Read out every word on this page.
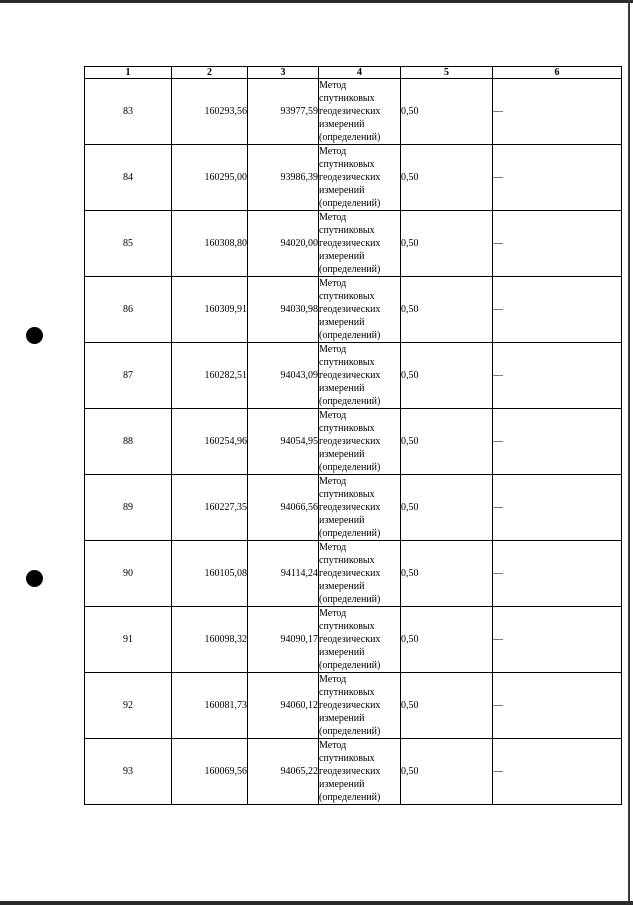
1	2	3	4	5	6
83	160293,56	93977,59	Метод спутниковых геодезических измерений (определений)	0,50	—
84	160295,00	93986,39	Метод спутниковых геодезических измерений (определений)	0,50	—
85	160308,80	94020,00	Метод спутниковых геодезических измерений (определений)	0,50	—
86	160309,91	94030,98	Метод спутниковых геодезических измерений (определений)	0,50	—
87	160282,51	94043,09	Метод спутниковых геодезических измерений (определений)	0,50	—
88	160254,96	94054,95	Метод спутниковых геодезических измерений (определений)	0,50	—
89	160227,35	94066,56	Метод спутниковых геодезических измерений (определений)	0,50	—
90	160105,08	94114,24	Метод спутниковых геодезических измерений (определений)	0,50	—
91	160098,32	94090,17	Метод спутниковых геодезических измерений (определений)	0,50	—
92	160081,73	94060,12	Метод спутниковых геодезических измерений (определений)	0,50	—
93	160069,56	94065,22	Метод спутниковых геодезических измерений (определений)	0,50	—
